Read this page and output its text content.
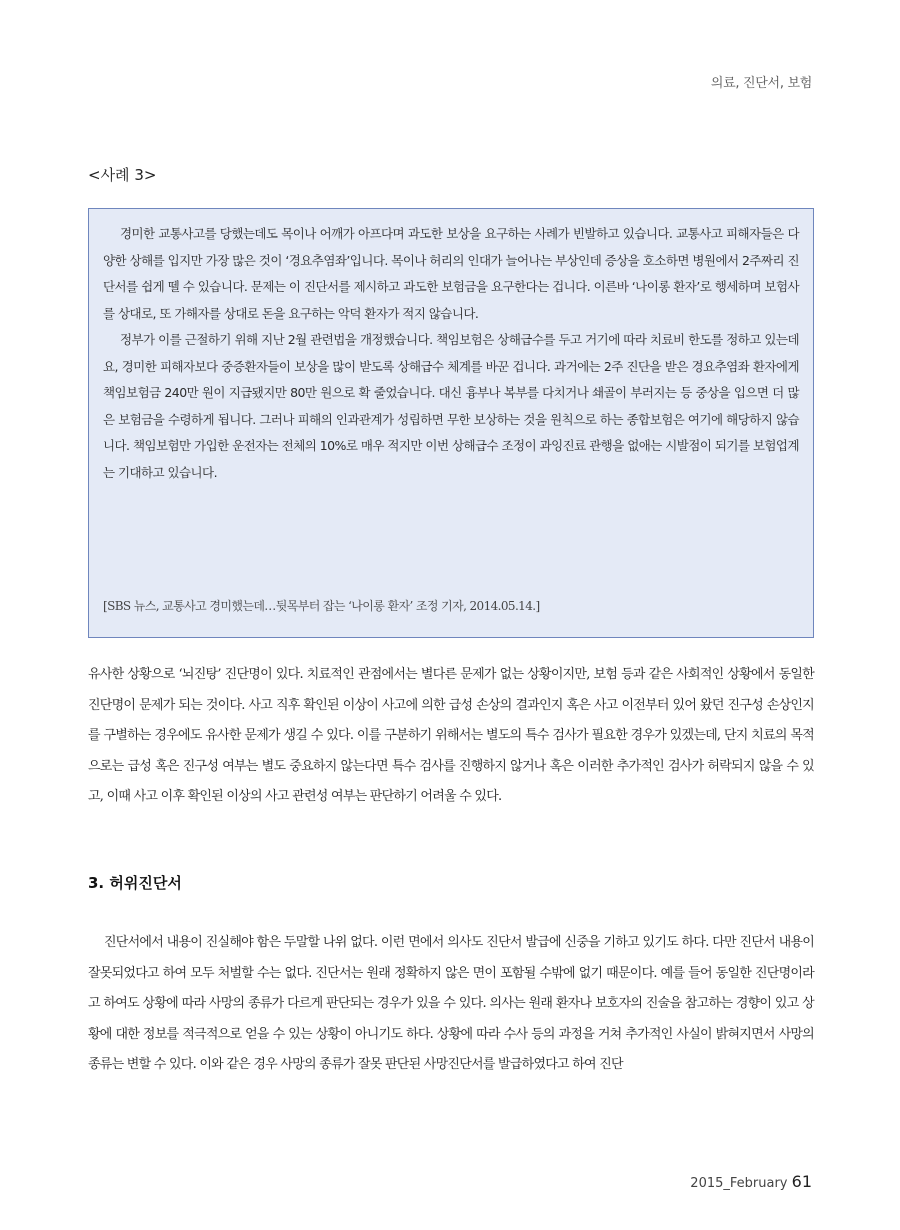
의료, 진단서, 보험
<사례 3>

경미한 교통사고를 당했는데도 목이나 어깨가 아프다며 과도한 보상을 요구하는 사례가 빈발하고 있습니다. 교통사고 피해자들은 다양한 상해를 입지만 가장 많은 것이 ‘경요추염좌’입니다. 목이나 허리의 인대가 늘어나는 부상인데 증상을 호소하면 병원에서 2주짜리 진단서를 쉽게 뗄 수 있습니다. 문제는 이 진단서를 제시하고 과도한 보험금을 요구한다는 겁니다. 이른바 ‘나이롱 환자’로 행세하며 보험사를 상대로, 또 가해자를 상대로 돈을 요구하는 악덕 환자가 적지 않습니다.

정부가 이를 근절하기 위해 지난 2월 관련법을 개정했습니다. 책임보험은 상해급수를 두고 거기에 따라 치료비 한도를 정하고 있는데요, 경미한 피해자보다 중증환자들이 보상을 많이 받도록 상해급수 체계를 바꾼 겁니다. 과거에는 2주 진단을 받은 경요추염좌 환자에게 책임보험금 240만 원이 지급됐지만 80만 원으로 확 줄었습니다. 대신 흉부나 복부를 다치거나 쇄골이 부러지는 등 중상을 입으면 더 많은 보험금을 수령하게 됩니다. 그러나 피해의 인과관계가 성립하면 무한 보상하는 것을 원칙으로 하는 종합보험은 여기에 해당하지 않습니다. 책임보험만 가입한 운전자는 전체의 10%로 매우 적지만 이번 상해급수 조정이 과잉진료 관행을 없애는 시발점이 되기를 보험업계는 기대하고 있습니다.

[SBS 뉴스, 교통사고 경미했는데…뒷목부터 잡는 ‘나이롱 환자’ 조정 기자, 2014.05.14.]

유사한 상황으로 ‘뇌진탕’ 진단명이 있다. 치료적인 관점에서는 별다른 문제가 없는 상황이지만, 보험 등과 같은 사회적인 상황에서 동일한 진단명이 문제가 되는 것이다. 사고 직후 확인된 이상이 사고에 의한 급성 손상의 결과인지 혹은 사고 이전부터 있어 왔던 진구성 손상인지를 구별하는 경우에도 유사한 문제가 생길 수 있다. 이를 구분하기 위해서는 별도의 특수 검사가 필요한 경우가 있겠는데, 단지 치료의 목적으로는 급성 혹은 진구성 여부는 별도 중요하지 않는다면 특수 검사를 진행하지 않거나 혹은 이러한 추가적인 검사가 허락되지 않을 수 있고, 이때 사고 이후 확인된 이상의 사고 관련성 여부는 판단하기 어려울 수 있다.

3. 허위진단서

진단서에서 내용이 진실해야 함은 두말할 나위 없다. 이런 면에서 의사도 진단서 발급에 신중을 기하고 있기도 하다. 다만 진단서 내용이 잘못되었다고 하여 모두 처벌할 수는 없다. 진단서는 원래 정확하지 않은 면이 포함될 수밖에 없기 때문이다. 예를 들어 동일한 진단명이라고 하여도 상황에 따라 사망의 종류가 다르게 판단되는 경우가 있을 수 있다. 의사는 원래 환자나 보호자의 진술을 참고하는 경향이 있고 상황에 대한 정보를 적극적으로 얻을 수 있는 상황이 아니기도 하다. 상황에 따라 수사 등의 과정을 거쳐 추가적인 사실이 밝혀지면서 사망의 종류는 변할 수 있다. 이와 같은 경우 사망의 종류가 잘못 판단된 사망진단서를 발급하였다고 하여 진단

2015_February 61
